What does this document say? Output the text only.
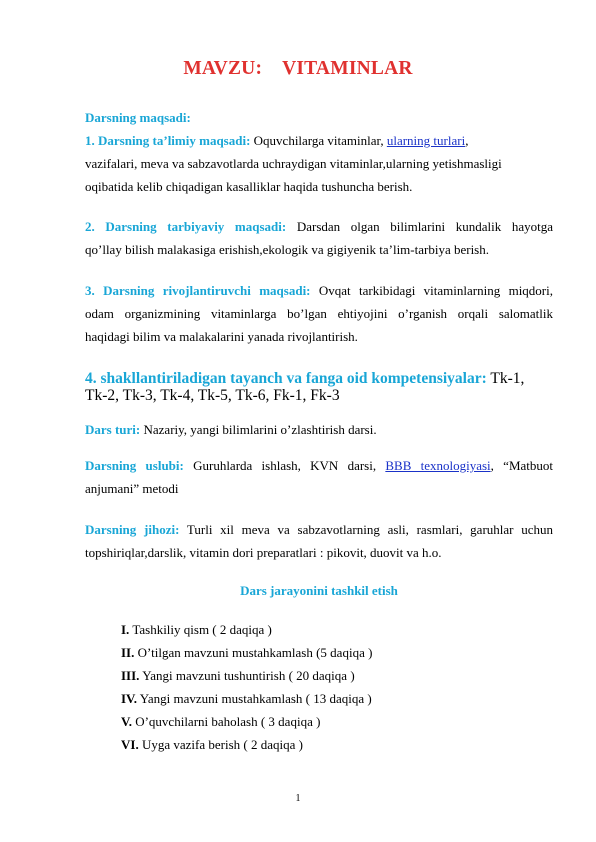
MAVZU:    VITAMINLAR
Darsning maqsadi:
1. Darsning ta’limiy maqsadi: Oquvchilarga vitaminlar, ularning turlari,
vazifalari, meva va sabzavotlarda uchraydigan vitaminlar,ularning yetishmasligi
oqibatida kelib chiqadigan kasalliklar haqida tushuncha berish.
2. Darsning tarbiyaviy maqsadi: Darsdan olgan bilimlarini kundalik hayotga
qo’llay bilish malakasiga erishish,ekologik va gigiyenik ta’lim-tarbiya berish.
3. Darsning rivojlantiruvchi maqsadi: Ovqat tarkibidagi vitaminlarning miqdori,
odam organizmining vitaminlarga bo’lgan ehtiyojini o’rganish orqali salomatlik
haqidagi bilim va malakalarini yanada rivojlantirish.
4. shakllantiriladigan tayanch va fanga oid kompetensiyalar: Tk-1,
Tk-2, Tk-3, Tk-4, Tk-5, Tk-6, Fk-1, Fk-3
Dars turi: Nazariy, yangi bilimlarini o’zlashtirish darsi.
Darsning uslubi: Guruhlarda ishlash, KVN darsi, BBB texnologiyasi, “Matbuot
anjumani” metodi
Darsning jihozi: Turli xil meva va sabzavotlarning asli, rasmlari, garuhlar uchun
topshiriqlar,darslik, vitamin dori preparatlari : pikovit, duovit va h.o.
Dars jarayonini tashkil etish
I. Tashkiliy qism ( 2 daqiqa )
II. O’tilgan mavzuni mustahkamlash (5 daqiqa )
III. Yangi mavzuni tushuntirish ( 20 daqiqa )
IV. Yangi mavzuni mustahkamlash ( 13 daqiqa )
V. O’quvchilarni baholash ( 3 daqiqa )
VI. Uyga vazifa berish ( 2 daqiqa )
1
